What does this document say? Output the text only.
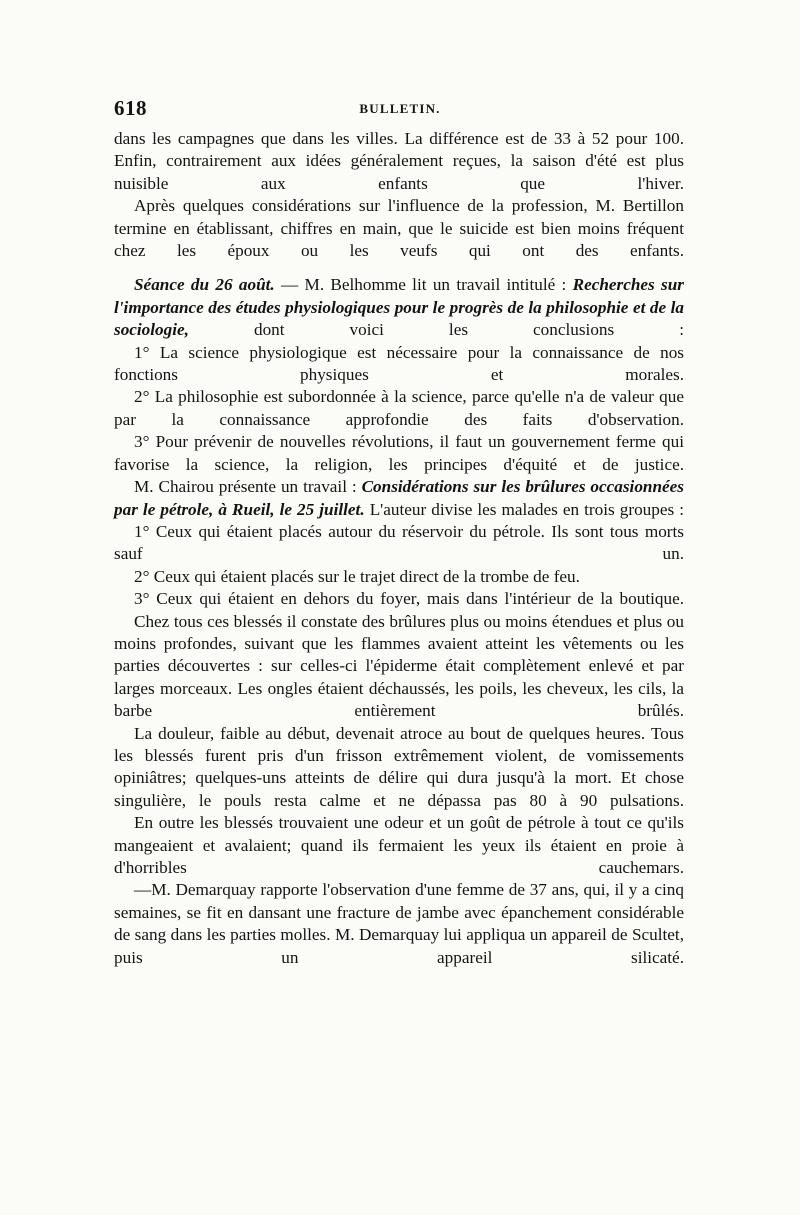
618	BULLETIN.

dans les campagnes que dans les villes. La différence est de 33 à 52 pour 100. Enfin, contrairement aux idées généralement reçues, la saison d'été est plus nuisible aux enfants que l'hiver.

Après quelques considérations sur l'influence de la profession, M. Bertillon termine en établissant, chiffres en main, que le suicide est bien moins fréquent chez les époux ou les veufs qui ont des enfants.

Séance du 26 août. — M. Belhomme lit un travail intitulé : Recherches sur l'importance des études physiologiques pour le progrès de la philosophie et de la sociologie, dont voici les conclusions :

1° La science physiologique est nécessaire pour la connaissance de nos fonctions physiques et morales.

2° La philosophie est subordonnée à la science, parce qu'elle n'a de valeur que par la connaissance approfondie des faits d'observation.

3° Pour prévenir de nouvelles révolutions, il faut un gouvernement ferme qui favorise la science, la religion, les principes d'équité et de justice.

M. Chairou présente un travail : Considérations sur les brûlures occasionnées par le pétrole, à Rueil, le 25 juillet. L'auteur divise les malades en trois groupes :

1° Ceux qui étaient placés autour du réservoir du pétrole. Ils sont tous morts sauf un.

2° Ceux qui étaient placés sur le trajet direct de la trombe de feu.

3° Ceux qui étaient en dehors du foyer, mais dans l'intérieur de la boutique.

Chez tous ces blessés il constate des brûlures plus ou moins étendues et plus ou moins profondes, suivant que les flammes avaient atteint les vêtements ou les parties découvertes : sur celles-ci l'épiderme était complètement enlevé et par larges morceaux. Les ongles étaient déchaussés, les poils, les cheveux, les cils, la barbe entièrement brûlés.

La douleur, faible au début, devenait atroce au bout de quelques heures. Tous les blessés furent pris d'un frisson extrêmement violent, de vomissements opiniâtres; quelques-uns atteints de délire qui dura jusqu'à la mort. Et chose singulière, le pouls resta calme et ne dépassa pas 80 à 90 pulsations.

En outre les blessés trouvaient une odeur et un goût de pétrole à tout ce qu'ils mangeaient et avalaient; quand ils fermaient les yeux ils étaient en proie à d'horribles cauchemars.

—M. Demarquay rapporte l'observation d'une femme de 37 ans, qui, il y a cinq semaines, se fit en dansant une fracture de jambe avec épanchement considérable de sang dans les parties molles. M. Demarquay lui appliqua un appareil de Scultet, puis un appareil silicaté.
